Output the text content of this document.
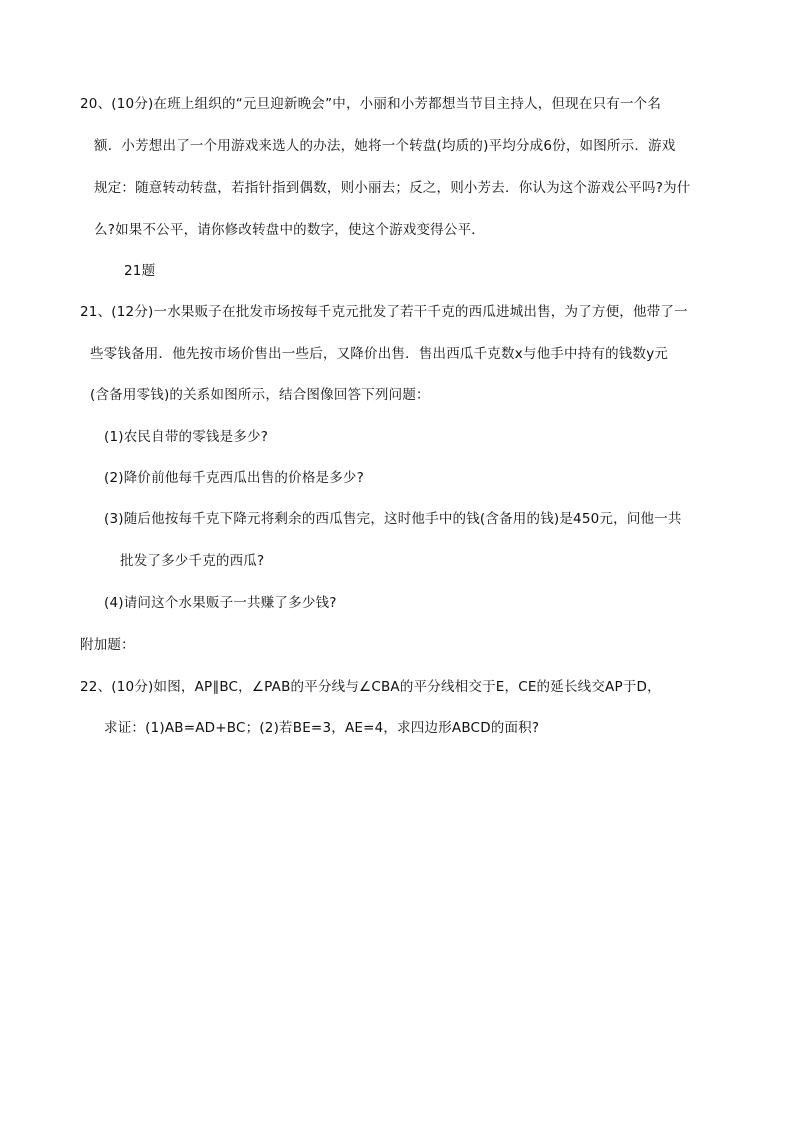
20、(10分)在班上组织的“元旦迎新晚会”中，小丽和小芳都想当节目主持人，但现在只有一个名
额．小芳想出了一个用游戏来选人的办法，她将一个转盘(均质的)平均分成6份，如图所示．游戏
规定：随意转动转盘，若指针指到偶数，则小丽去；反之，则小芳去．你认为这个游戏公平吗?为什
么?如果不公平，请你修改转盘中的数字，使这个游戏变得公平．
21题
21、(12分)一水果贩子在批发市场按每千克元批发了若干千克的西瓜进城出售，为了方便，他带了一
些零钱备用．他先按市场价售出一些后，又降价出售．售出西瓜千克数x与他手中持有的钱数y元
(含备用零钱)的关系如图所示，结合图像回答下列问题：
(1)农民自带的零钱是多少?
(2)降价前他每千克西瓜出售的价格是多少?
(3)随后他按每千克下降元将剩余的西瓜售完，这时他手中的钱(含备用的钱)是450元，问他一共
批发了多少千克的西瓜?
(4)请问这个水果贩子一共赚了多少钱?
附加题：
22、(10分)如图，AP∥BC，∠PAB的平分线与∠CBA的平分线相交于E，CE的延长线交AP于D，
求证：(1)AB=AD+BC；(2)若BE=3，AE=4，求四边形ABCD的面积?
